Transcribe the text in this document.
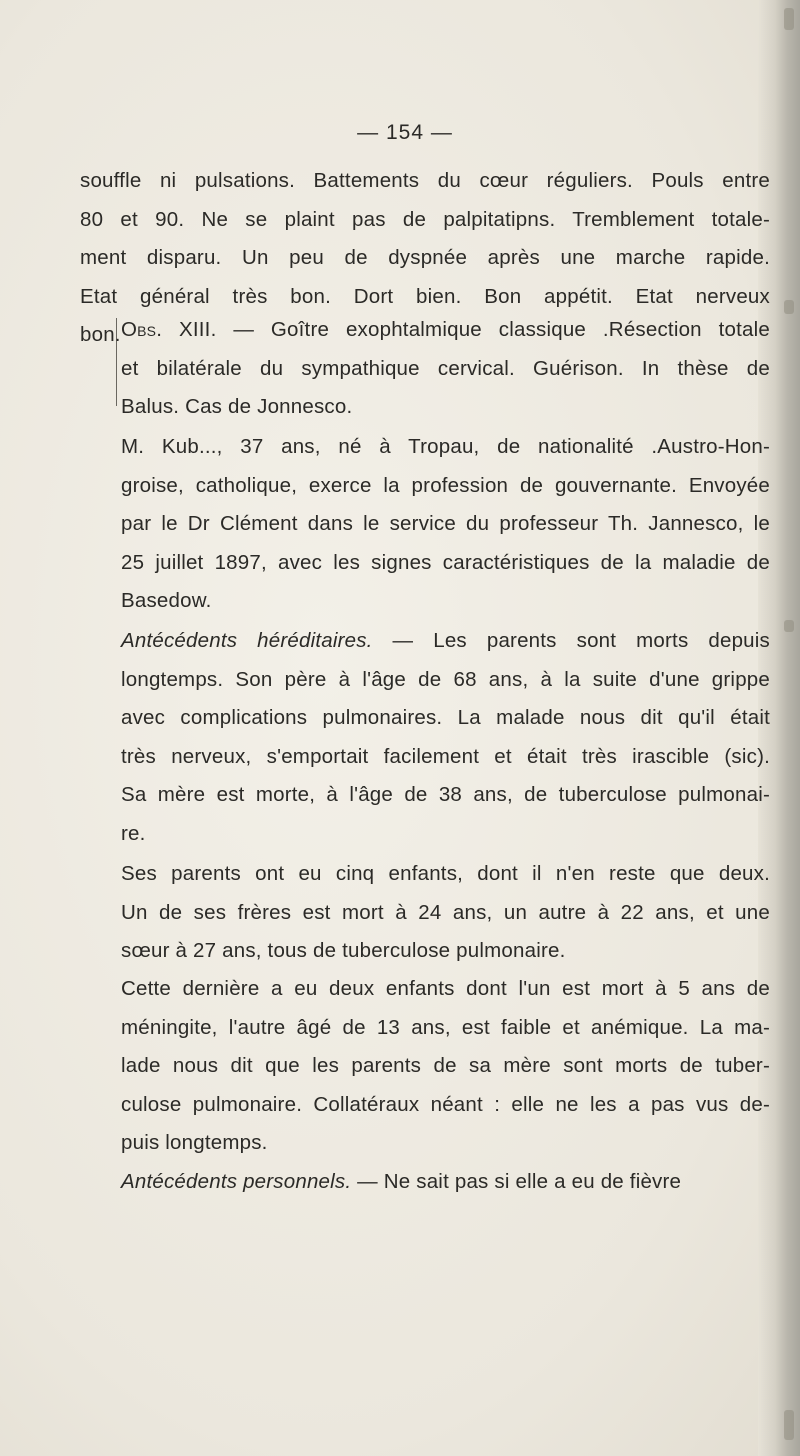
— 154 —
souffle ni pulsations. Battements du cœur réguliers. Pouls entre
80 et 90. Ne se plaint pas de palpitatipns. Tremblement totale-
ment disparu. Un peu de dyspnée après une marche rapide.
Etat général très bon. Dort bien. Bon appétit. Etat nerveux
bon. Obs. XIII. — Goître exophtalmique classique .Résection totale
et bilatérale du sympathique cervical. Guérison. In thèse de
Balus. Cas de Jonnesco.
M. Kub..., 37 ans, né à Tropau, de nationalité .Austro-Hon-
groise, catholique, exerce la profession de gouvernante. Envoyée
par le Dr Clément dans le service du professeur Th. Jannesco, le
25 juillet 1897, avec les signes caractéristiques de la maladie de
Basedow.
Antécédents héréditaires. — Les parents sont morts depuis
longtemps. Son père à l'âge de 68 ans, à la suite d'une grippe
avec complications pulmonaires. La malade nous dit qu'il était
très nerveux, s'emportait facilement et était très irascible (sic).
Sa mère est morte, à l'âge de 38 ans, de tuberculose pulmonai-
re.
Ses parents ont eu cinq enfants, dont il n'en reste que deux.
Un de ses frères est mort à 24 ans, un autre à 22 ans, et une
sœur à 27 ans, tous de tuberculose pulmonaire.
Cette dernière a eu deux enfants dont l'un est mort à 5 ans de
méningite, l'autre âgé de 13 ans, est faible et anémique. La ma-
lade nous dit que les parents de sa mère sont morts de tuber-
culose pulmonaire. Collatéraux néant : elle ne les a pas vus de-
puis longtemps.
Antécédents personnels. — Ne sait pas si elle a eu de fièvre
